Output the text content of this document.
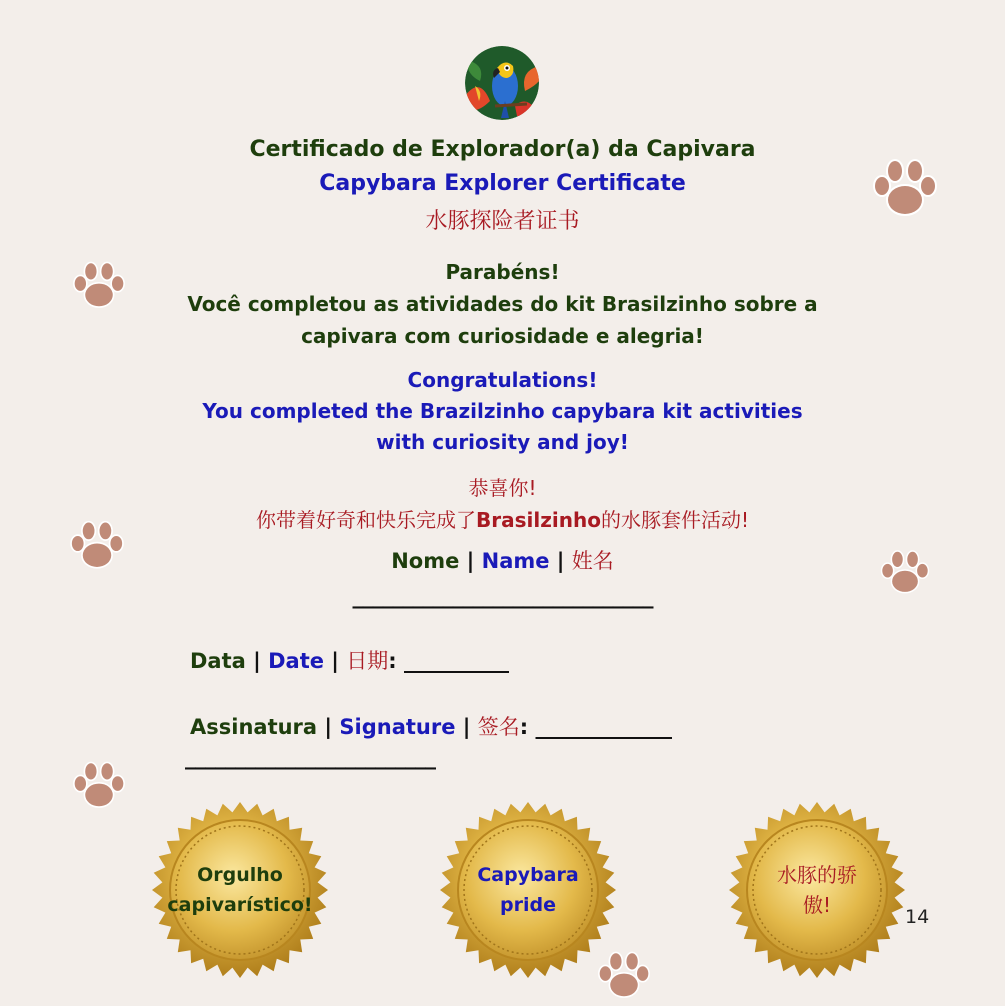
Certificado de Explorador(a) da Capivara
Capybara Explorer Certificate
水豚探险者证书
Parabéns!
Você completou as atividades do kit Brasilzinho sobre a
capivara com curiosidade e alegria!
Congratulations!
You completed the Brazilzinho capybara kit activities
with curiosity and joy!
恭喜你!
你带着好奇和快乐完成了Brasilzinho的水豚套件活动!
Nome | Name | 姓名
______________________________
Data | Date | 日期: __________
Assinatura | Signature | 签名: _____________
_________________________
Orgulho
capivarístico!
Capybara
pride
水豚的骄
傲!	14
